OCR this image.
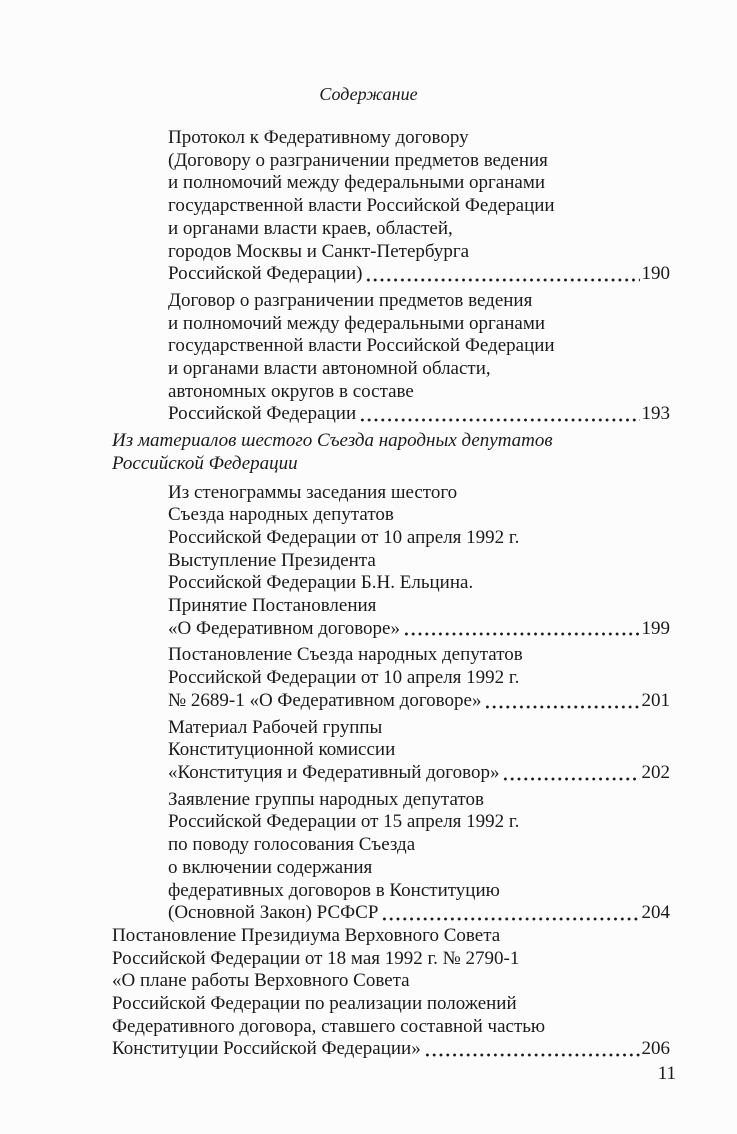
Содержание
Протокол к Федеративному договору
(Договору о разграничении предметов ведения
и полномочий между федеральными органами
государственной власти Российской Федерации
и органами власти краев, областей,
городов Москвы и Санкт-Петербурга
Российской Федерации)	190
Договор о разграничении предметов ведения
и полномочий между федеральными органами
государственной власти Российской Федерации
и органами власти автономной области,
автономных округов в составе
Российской Федерации	193
Из материалов шестого Съезда народных депутатов
Российской Федерации
Из стенограммы заседания шестого
Съезда народных депутатов
Российской Федерации от 10 апреля 1992 г.
Выступление Президента
Российской Федерации Б.Н. Ельцина.
Принятие Постановления
«О Федеративном договоре»	199
Постановление Съезда народных депутатов
Российской Федерации от 10 апреля 1992 г.
№ 2689-1 «О Федеративном договоре»	201
Материал Рабочей группы
Конституционной комиссии
«Конституция и Федеративный договор»	202
Заявление группы народных депутатов
Российской Федерации от 15 апреля 1992 г.
по поводу голосования Съезда
о включении содержания
федеративных договоров в Конституцию
(Основной Закон) РСФСР	204
Постановление Президиума Верховного Совета
Российской Федерации от 18 мая 1992 г. № 2790-1
«О плане работы Верховного Совета
Российской Федерации по реализации положений
Федеративного договора, ставшего составной частью
Конституции Российской Федерации»	206
11
